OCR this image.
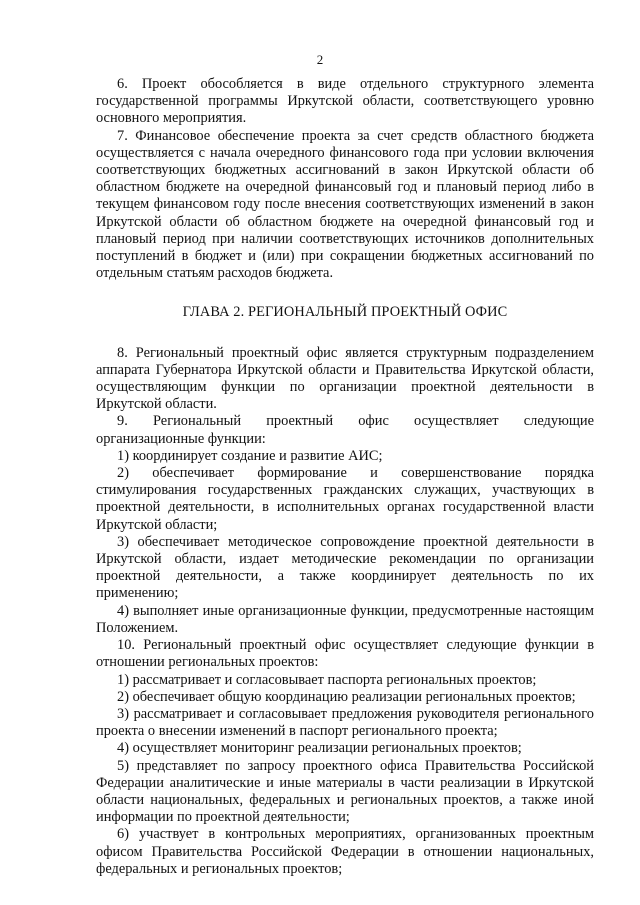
2

6. Проект обособляется в виде отдельного структурного элемента государственной программы Иркутской области, соответствующего уровню основного мероприятия.

7. Финансовое обеспечение проекта за счет средств областного бюджета осуществляется с начала очередного финансового года при условии включения соответствующих бюджетных ассигнований в закон Иркутской области об областном бюджете на очередной финансовый год и плановый период либо в текущем финансовом году после внесения соответствующих изменений в закон Иркутской области об областном бюджете на очередной финансовый год и плановый период при наличии соответствующих источников дополнительных поступлений в бюджет и (или) при сокращении бюджетных ассигнований по отдельным статьям расходов бюджета.

ГЛАВА 2. РЕГИОНАЛЬНЫЙ ПРОЕКТНЫЙ ОФИС

8. Региональный проектный офис является структурным подразделением аппарата Губернатора Иркутской области и Правительства Иркутской области, осуществляющим функции по организации проектной деятельности в Иркутской области.

9. Региональный проектный офис осуществляет следующие организационные функции:

1) координирует создание и развитие АИС;

2) обеспечивает формирование и совершенствование порядка стимулирования государственных гражданских служащих, участвующих в проектной деятельности, в исполнительных органах государственной власти Иркутской области;

3) обеспечивает методическое сопровождение проектной деятельности в Иркутской области, издает методические рекомендации по организации проектной деятельности, а также координирует деятельность по их применению;

4) выполняет иные организационные функции, предусмотренные настоящим Положением.

10. Региональный проектный офис осуществляет следующие функции в отношении региональных проектов:

1) рассматривает и согласовывает паспорта региональных проектов;

2) обеспечивает общую координацию реализации региональных проектов;

3) рассматривает и согласовывает предложения руководителя регионального проекта о внесении изменений в паспорт регионального проекта;

4) осуществляет мониторинг реализации региональных проектов;

5) представляет по запросу проектного офиса Правительства Российской Федерации аналитические и иные материалы в части реализации в Иркутской области национальных, федеральных и региональных проектов, а также иной информации по проектной деятельности;

6) участвует в контрольных мероприятиях, организованных проектным офисом Правительства Российской Федерации в отношении национальных, федеральных и региональных проектов;
